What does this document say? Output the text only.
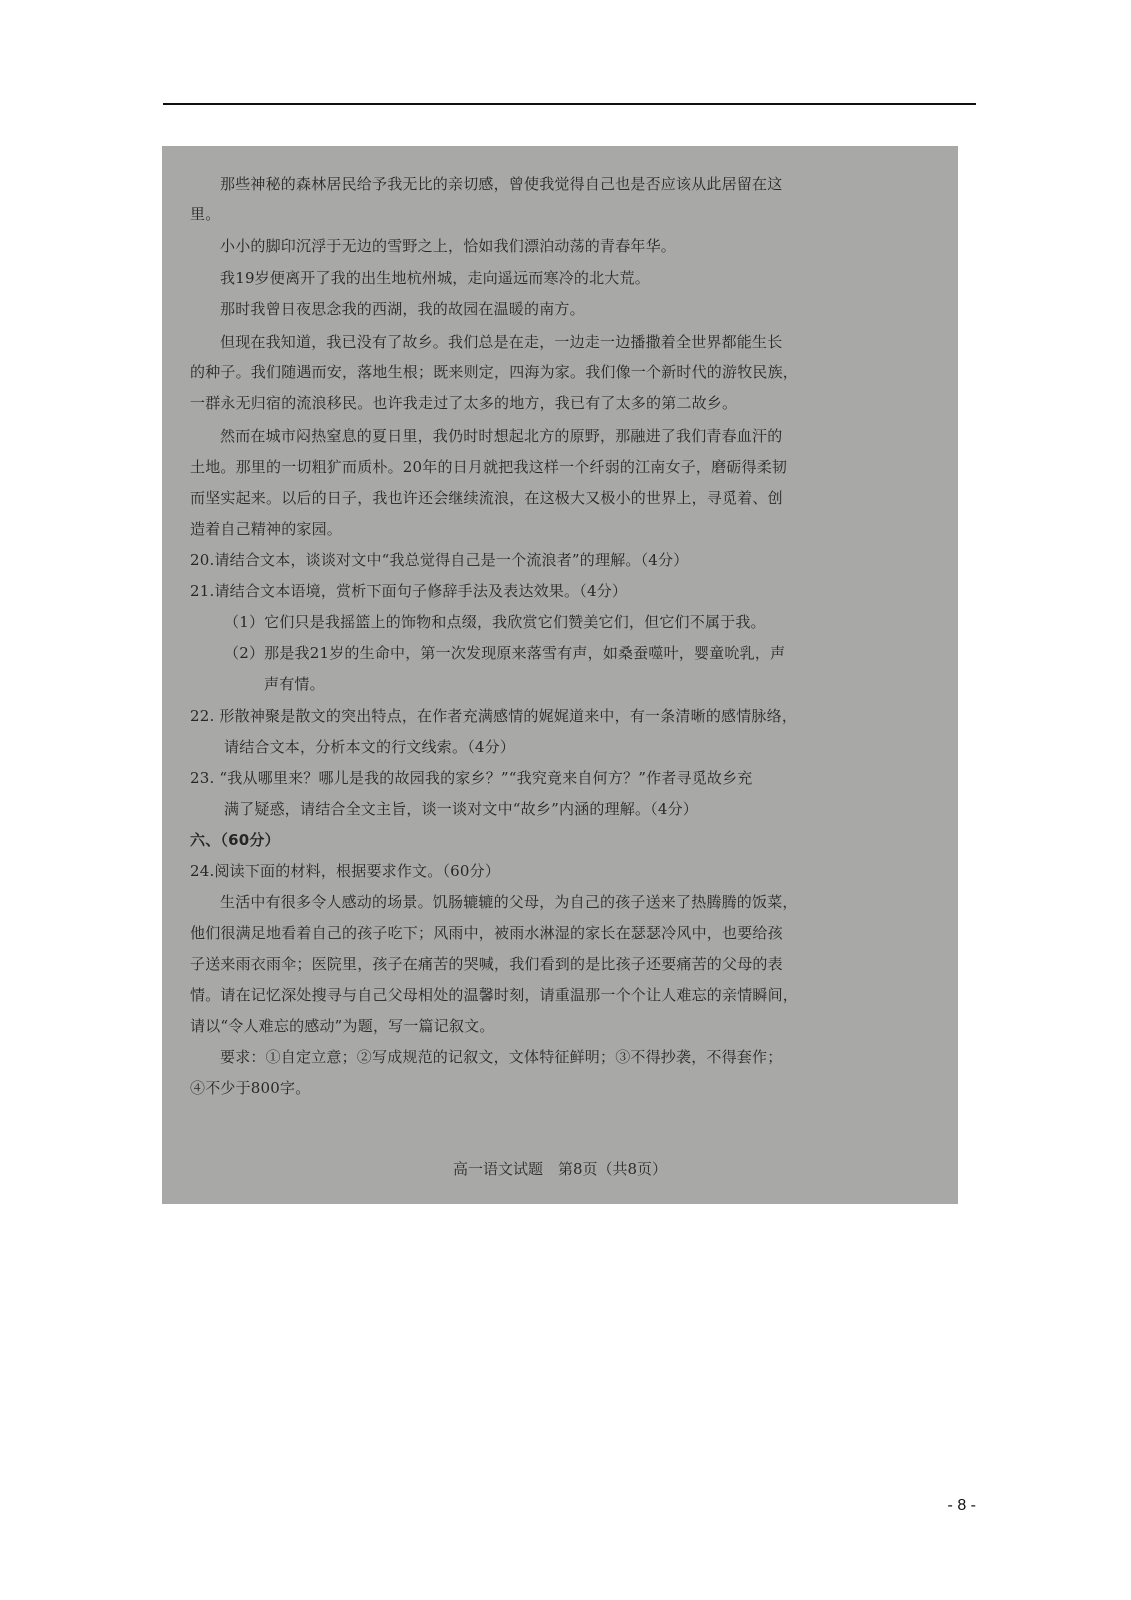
那些神秘的森林居民给予我无比的亲切感，曾使我觉得自己也是否应该从此居留在这
里。
小小的脚印沉浮于无边的雪野之上，恰如我们漂泊动荡的青春年华。
我19岁便离开了我的出生地杭州城，走向遥远而寒冷的北大荒。
那时我曾日夜思念我的西湖，我的故园在温暖的南方。
但现在我知道，我已没有了故乡。我们总是在走，一边走一边播撒着全世界都能生长
的种子。我们随遇而安，落地生根；既来则定，四海为家。我们像一个新时代的游牧民族，
一群永无归宿的流浪移民。也许我走过了太多的地方，我已有了太多的第二故乡。
然而在城市闷热窒息的夏日里，我仍时时想起北方的原野，那融进了我们青春血汗的
土地。那里的一切粗犷而质朴。20年的日月就把我这样一个纤弱的江南女子，磨砺得柔韧
而坚实起来。以后的日子，我也许还会继续流浪，在这极大又极小的世界上，寻觅着、创
造着自己精神的家园。
20.请结合文本，谈谈对文中“我总觉得自己是一个流浪者”的理解。（4分）
21.请结合文本语境，赏析下面句子修辞手法及表达效果。（4分）
（1）它们只是我摇篮上的饰物和点缀，我欣赏它们赞美它们，但它们不属于我。
（2）那是我21岁的生命中，第一次发现原来落雪有声，如桑蚕噬叶，婴童吮乳，声
声有情。
22. 形散神聚是散文的突出特点，在作者充满感情的娓娓道来中，有一条清晰的感情脉络，
请结合文本，分析本文的行文线索。（4分）
23. “我从哪里来？哪儿是我的故园我的家乡？”“我究竟来自何方？”作者寻觅故乡充
满了疑惑，请结合全文主旨，谈一谈对文中“故乡”内涵的理解。（4分）
六、（60分）
24.阅读下面的材料，根据要求作文。（60分）
生活中有很多令人感动的场景。饥肠辘辘的父母，为自己的孩子送来了热腾腾的饭菜，
他们很满足地看着自己的孩子吃下；风雨中，被雨水淋湿的家长在瑟瑟冷风中，也要给孩
子送来雨衣雨伞；医院里，孩子在痛苦的哭喊，我们看到的是比孩子还要痛苦的父母的表
情。请在记忆深处搜寻与自己父母相处的温馨时刻，请重温那一个个让人难忘的亲情瞬间，
请以“令人难忘的感动”为题，写一篇记叙文。
要求：①自定立意；②写成规范的记叙文，文体特征鲜明；③不得抄袭，不得套作；
④不少于800字。
高一语文试题　第8页（共8页）
- 8 -
